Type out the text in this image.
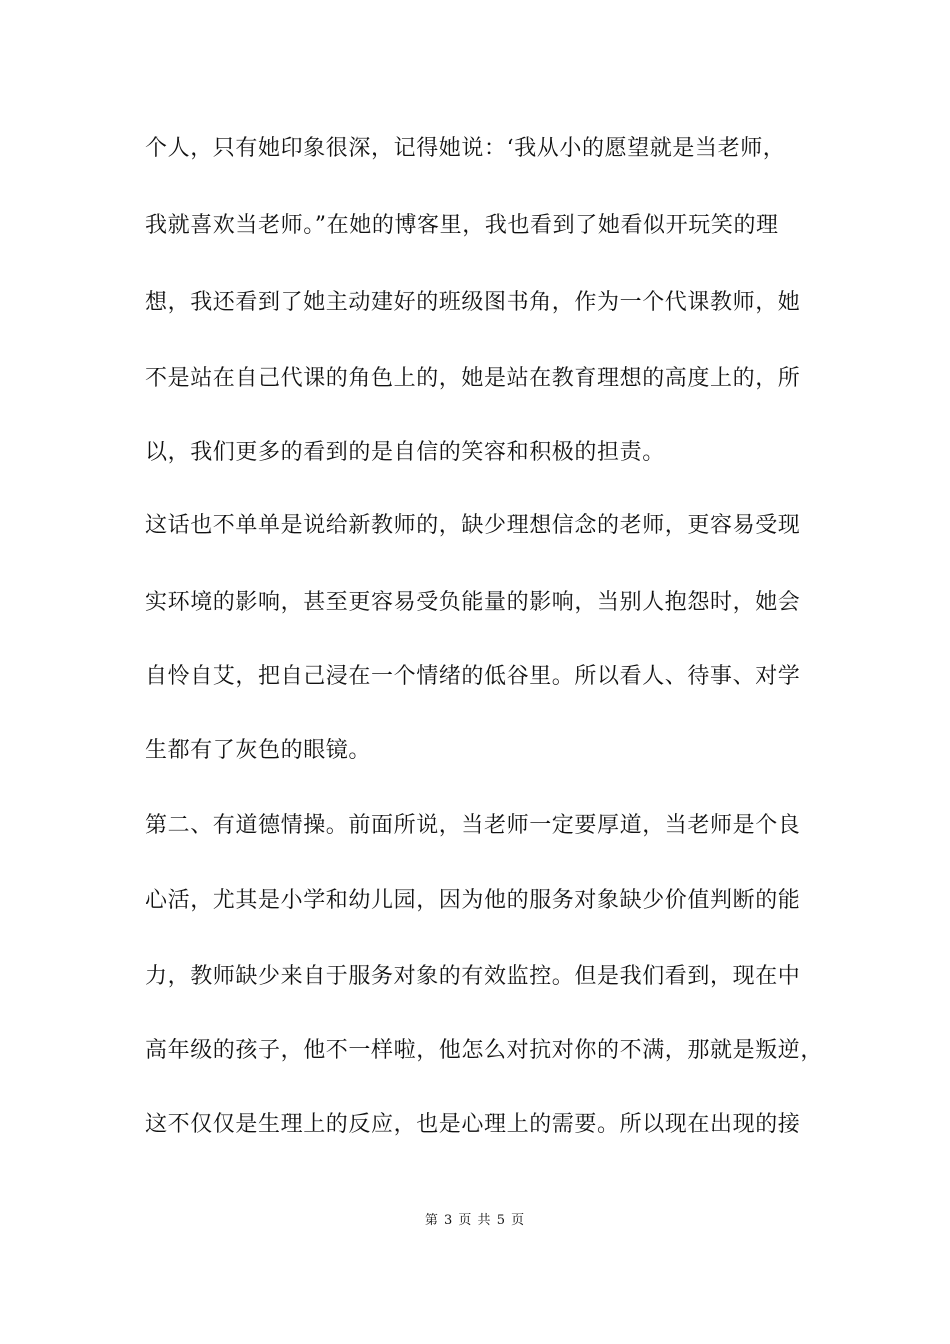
个人，只有她印象很深，记得她说：‘我从小的愿望就是当老师，
我就喜欢当老师。”在她的博客里，我也看到了她看似开玩笑的理
想，我还看到了她主动建好的班级图书角，作为一个代课教师，她
不是站在自己代课的角色上的，她是站在教育理想的高度上的，所
以，我们更多的看到的是自信的笑容和积极的担责。
这话也不单单是说给新教师的，缺少理想信念的老师，更容易受现
实环境的影响，甚至更容易受负能量的影响，当别人抱怨时，她会
自怜自艾，把自己浸在一个情绪的低谷里。所以看人、待事、对学
生都有了灰色的眼镜。
第二、有道德情操。前面所说，当老师一定要厚道，当老师是个良
心活，尤其是小学和幼儿园，因为他的服务对象缺少价值判断的能
力，教师缺少来自于服务对象的有效监控。但是我们看到，现在中
高年级的孩子，他不一样啦，他怎么对抗对你的不满，那就是叛逆，
这不仅仅是生理上的反应，也是心理上的需要。所以现在出现的接
第 3 页 共 5 页
